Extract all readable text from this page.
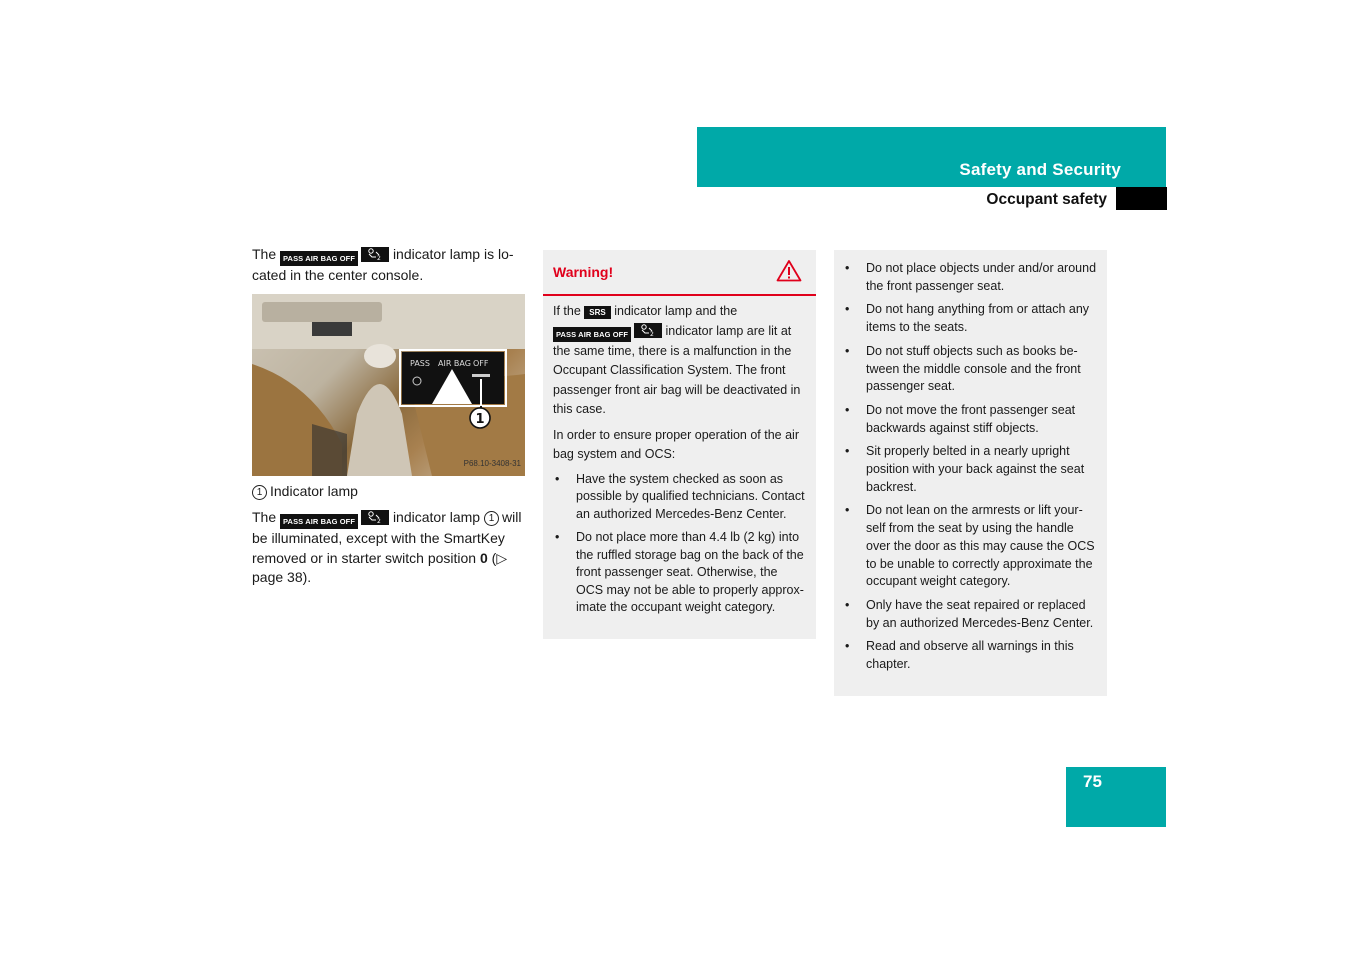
Safety and Security
Occupant safety

The PASS AIR BAG OFF	2 indicator lamp is lo-cated in the center console.

PASS AIR BAG OFF
1
P68.10-3408-31

1 Indicator lamp

The PASS AIR BAG OFF	2 indicator lamp 1 will be illuminated, except with the SmartKey removed or in starter switch position 0 (▷ page 38).

Warning!

If the SRS indicator lamp and the PASS AIR BAG OFF	2 indicator lamp are lit at the same time, there is a malfunction in the Occupant Classification System. The front passenger front air bag will be deactivated in this case.

In order to ensure proper operation of the air bag system and OCS:

• Have the system checked as soon as possible by qualified technicians. Contact an authorized Mercedes-Benz Center.
• Do not place more than 4.4 lb (2 kg) into the ruffled storage bag on the back of the front passenger seat. Otherwise, the OCS may not be able to properly approx-imate the occupant weight category.
• Do not place objects under and/or around the front passenger seat.
• Do not hang anything from or attach any items to the seats.
• Do not stuff objects such as books be-tween the middle console and the front passenger seat.
• Do not move the front passenger seat backwards against stiff objects.
• Sit properly belted in a nearly upright position with your back against the seat backrest.
• Do not lean on the armrests or lift your-self from the seat by using the handle over the door as this may cause the OCS to be unable to correctly approximate the occupant weight category.
• Only have the seat repaired or replaced by an authorized Mercedes-Benz Center.
• Read and observe all warnings in this chapter.
75
